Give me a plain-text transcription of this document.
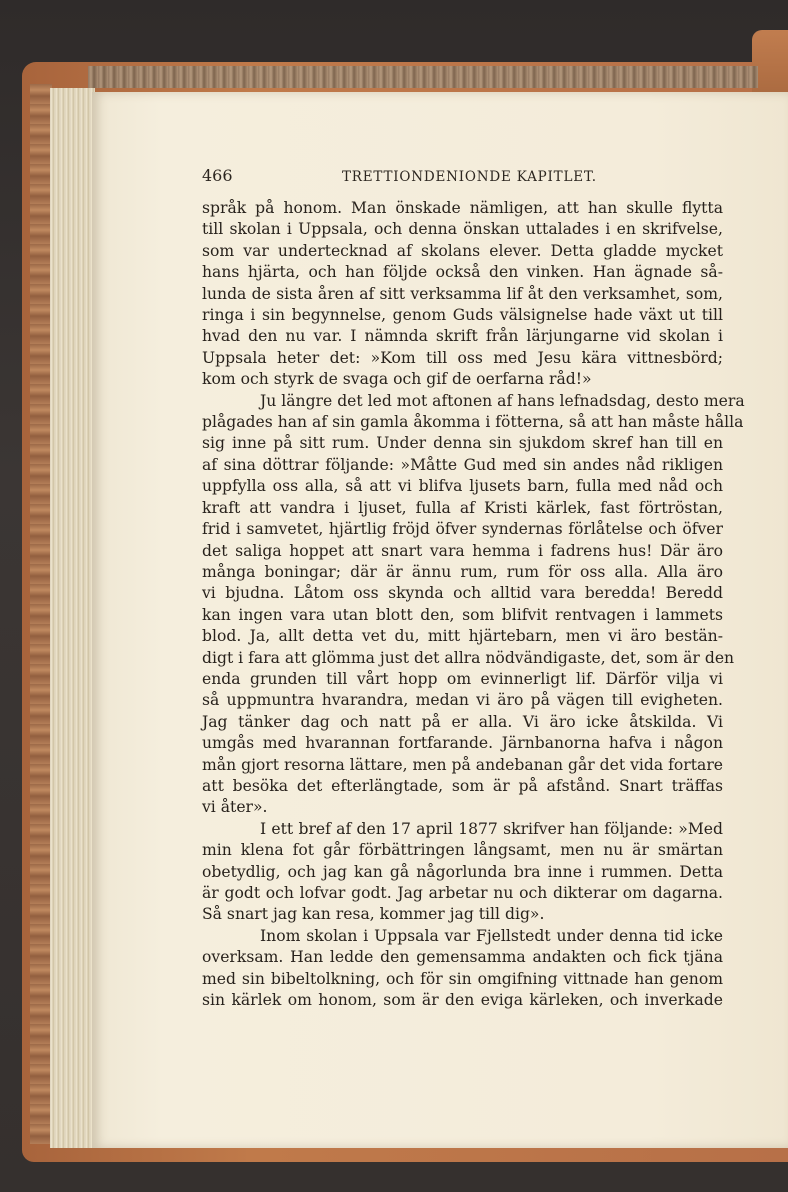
466	TRETTIONDENIONDE KAPITLET.
språk på honom. Man önskade nämligen, att han skulle flytta
till skolan i Uppsala, och denna önskan uttalades i en skrifvelse,
som var undertecknad af skolans elever. Detta gladde mycket
hans hjärta, och han följde också den vinken. Han ägnade så-
lunda de sista åren af sitt verksamma lif åt den verksamhet, som,
ringa i sin begynnelse, genom Guds välsignelse hade växt ut till
hvad den nu var. I nämnda skrift från lärjungarne vid skolan i
Uppsala heter det: »Kom till oss med Jesu kära vittnesbörd;
kom och styrk de svaga och gif de oerfarna råd!»
Ju längre det led mot aftonen af hans lefnadsdag, desto mera
plågades han af sin gamla åkomma i fötterna, så att han måste hålla
sig inne på sitt rum. Under denna sin sjukdom skref han till en
af sina döttrar följande: »Måtte Gud med sin andes nåd rikligen
uppfylla oss alla, så att vi blifva ljusets barn, fulla med nåd och
kraft att vandra i ljuset, fulla af Kristi kärlek, fast förtröstan,
frid i samvetet, hjärtlig fröjd öfver syndernas förlåtelse och öfver
det saliga hoppet att snart vara hemma i fadrens hus! Där äro
många boningar; där är ännu rum, rum för oss alla. Alla äro
vi bjudna. Låtom oss skynda och alltid vara beredda! Beredd
kan ingen vara utan blott den, som blifvit rentvagen i lammets
blod. Ja, allt detta vet du, mitt hjärtebarn, men vi äro bestän-
digt i fara att glömma just det allra nödvändigaste, det, som är den
enda grunden till vårt hopp om evinnerligt lif. Därför vilja vi
så uppmuntra hvarandra, medan vi äro på vägen till evigheten.
Jag tänker dag och natt på er alla. Vi äro icke åtskilda. Vi
umgås med hvarannan fortfarande. Järnbanorna hafva i någon
mån gjort resorna lättare, men på andebanan går det vida fortare
att besöka det efterlängtade, som är på afstånd. Snart träffas
vi åter».
I ett bref af den 17 april 1877 skrifver han följande: »Med
min klena fot går förbättringen långsamt, men nu är smärtan
obetydlig, och jag kan gå någorlunda bra inne i rummen. Detta
är godt och lofvar godt. Jag arbetar nu och dikterar om dagarna.
Så snart jag kan resa, kommer jag till dig».
Inom skolan i Uppsala var Fjellstedt under denna tid icke
overksam. Han ledde den gemensamma andakten och fick tjäna
med sin bibeltolkning, och för sin omgifning vittnade han genom
sin kärlek om honom, som är den eviga kärleken, och inverkade
